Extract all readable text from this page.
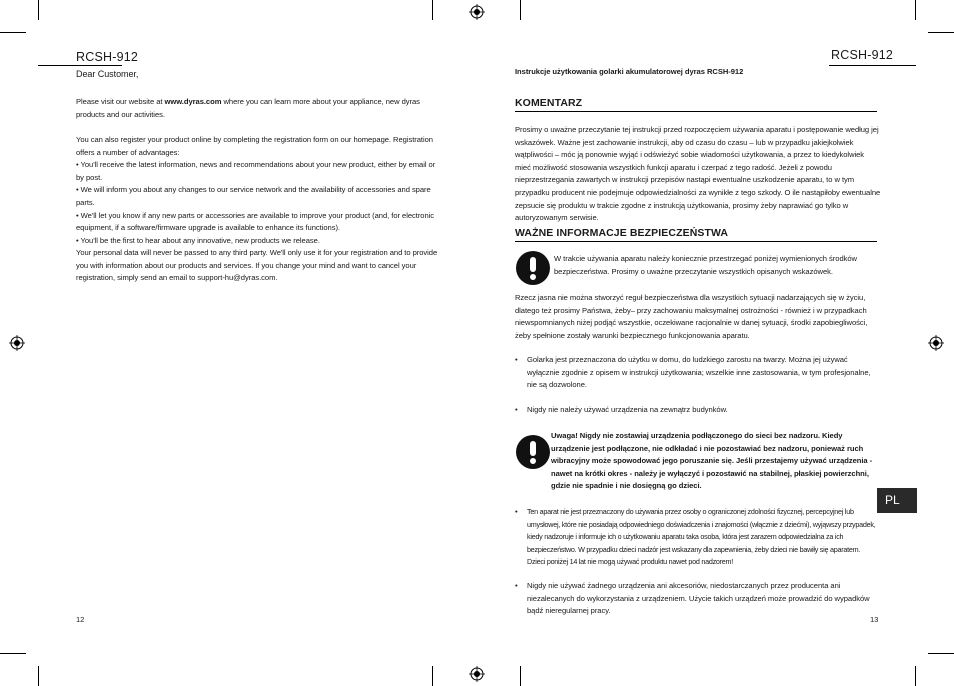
RCSH-912
Dear Customer,

Please visit our website at www.dyras.com where you can learn more about your appliance, new dyras products and our activities.

You can also register your product online by completing the registration form on our homepage. Registration offers a number of advantages:

• You'll receive the latest information, news and recommendations about your new product, either by email or by post.

• We will inform you about any changes to our service network and the availability of accessories and spare parts.

• We'll let you know if any new parts or accessories are available to improve your product (and, for electronic equipment, if a software/firmware upgrade is available to enhance its functions).

• You'll be the first to hear about any innovative, new products we release.

Your personal data will never be passed to any third party. We'll only use it for your registration and to provide you with information about our products and services. If you change your mind and want to cancel your registration, simply send an email to support-hu@dyras.com.

12
RCSH-912
Instrukcje użytkowania golarki akumulatorowej dyras RCSH-912
KOMENTARZ

Prosimy o uważne przeczytanie tej instrukcji przed rozpoczęciem używania aparatu i postępowanie według jej wskazówek. Ważne jest zachowanie instrukcji, aby od czasu do czasu – lub w przypadku jakiejkolwiek wątpliwości – móc ją ponownie wyjąć i odświeżyć sobie wiadomości użytkowania, a przez to kiedykolwiek mieć możliwość stosowania wszystkich funkcji aparatu i czerpać z tego radość. Jeżeli z powodu nieprzestrzegania zawartych w instrukcji przepisów nastąpi ewentualne uszkodzenie aparatu, to w tym przypadku producent nie podejmuje odpowiedzialności za wynikłe z tego szkody. O ile nastąpiłoby ewentualne zepsucie się produktu w trakcie zgodne z instrukcją użytkowania, prosimy żeby naprawiać go tylko w autoryzowanym serwisie.

WAŻNE INFORMACJE BEZPIECZEŃSTWA

W trakcie używania aparatu należy koniecznie przestrzegać poniżej wymienionych środków bezpieczeństwa. Prosimy o uważne przeczytanie wszystkich opisanych wskazówek.

Rzecz jasna nie można stworzyć reguł bezpieczeństwa dla wszystkich sytuacji nadarzających się w życiu, dlatego też prosimy Państwa, żeby– przy zachowaniu maksymalnej ostrożności - również i w przypadkach niewspomnianych niżej podjąć wszystkie, oczekiwane racjonalnie w danej sytuacji, środki zapobiegliwości, żeby spełnione zostały warunki bezpiecznego funkcjonowania aparatu.

• Golarka jest przeznaczona do użytku w domu, do ludzkiego zarostu na twarzy. Można jej używać wyłącznie zgodnie z opisem w instrukcji użytkowania; wszelkie inne zastosowania, w tym profesjonalne, nie są dozwolone.

• Nigdy nie należy używać urządzenia na zewnątrz budynków.

Uwaga! Nigdy nie zostawiaj urządzenia podłączonego do sieci bez nadzoru. Kiedy urządzenie jest podłączone, nie odkładać i nie pozostawiać bez nadzoru, ponieważ ruch wibracyjny może spowodować jego poruszanie się. Jeśli przestajemy używać urządzenia - nawet na krótki okres - należy je wyłączyć i pozostawić na stabilnej, płaskiej powierzchni, gdzie nie spadnie i nie dosięgną go dzieci.

• Ten aparat nie jest przeznaczony do używania przez osoby o ograniczonej zdolności fizycznej, percepcyjnej lub umysłowej, które nie posiadają odpowiedniego doświadczenia i znajomości (włącznie z dziećmi), wyjąwszy przypadek, kiedy nadzoruje i informuje ich o użytkowaniu aparatu taka osoba, która jest zarazem odpowiedzialna za ich bezpieczeństwo. W przypadku dzieci nadzór jest wskazany dla zapewnienia, żeby dzieci nie bawiły się aparatem. Dzieci poniżej 14 lat nie mogą używać produktu nawet pod nadzorem!

• Nigdy nie używać żadnego urządzenia ani akcesoriów, niedostarczanych przez producenta ani niezalecanych do wykorzystania z urządzeniem. Użycie takich urządzeń może prowadzić do wypadków bądź nieregularnej pracy.

PL
13
